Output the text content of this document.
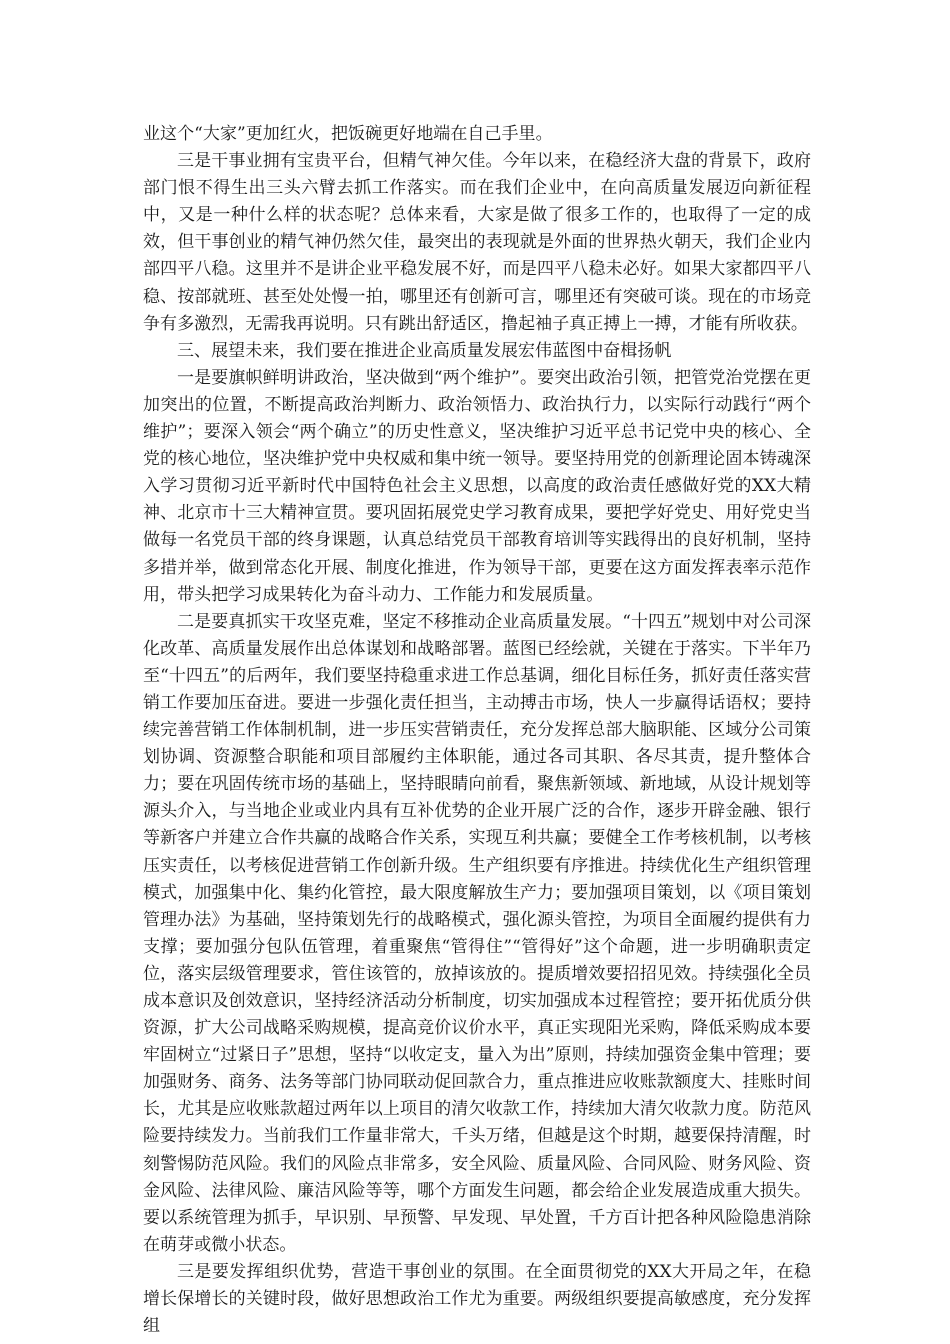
业这个“大家”更加红火，把饭碗更好地端在自己手里。

三是干事业拥有宝贵平台，但精气神欠佳。今年以来，在稳经济大盘的背景下，政府部门恨不得生出三头六臂去抓工作落实。而在我们企业中，在向高质量发展迈向新征程中，又是一种什么样的状态呢？总体来看，大家是做了很多工作的，也取得了一定的成效，但干事创业的精气神仍然欠佳，最突出的表现就是外面的世界热火朝天，我们企业内部四平八稳。这里并不是讲企业平稳发展不好，而是四平八稳未必好。如果大家都四平八稳、按部就班、甚至处处慢一拍，哪里还有创新可言，哪里还有突破可谈。现在的市场竞争有多激烈，无需我再说明。只有跳出舒适区，撸起袖子真正搏上一搏，才能有所收获。

三、展望未来，我们要在推进企业高质量发展宏伟蓝图中奋楫扬帆

一是要旗帜鲜明讲政治，坚决做到“两个维护”。要突出政治引领，把管党治党摆在更加突出的位置，不断提高政治判断力、政治领悟力、政治执行力，以实际行动践行“两个维护”；要深入领会“两个确立”的历史性意义，坚决维护习近平总书记党中央的核心、全党的核心地位，坚决维护党中央权威和集中统一领导。要坚持用党的创新理论固本铸魂深入学习贯彻习近平新时代中国特色社会主义思想，以高度的政治责任感做好党的XX大精神、北京市十三大精神宣贯。要巩固拓展党史学习教育成果，要把学好党史、用好党史当做每一名党员干部的终身课题，认真总结党员干部教育培训等实践得出的良好机制，坚持多措并举，做到常态化开展、制度化推进，作为领导干部，更要在这方面发挥表率示范作用，带头把学习成果转化为奋斗动力、工作能力和发展质量。

二是要真抓实干攻坚克难，坚定不移推动企业高质量发展。“十四五”规划中对公司深化改革、高质量发展作出总体谋划和战略部署。蓝图已经绘就，关键在于落实。下半年乃至“十四五”的后两年，我们要坚持稳重求进工作总基调，细化目标任务，抓好责任落实营销工作要加压奋进。要进一步强化责任担当，主动搏击市场，快人一步赢得话语权；要持续完善营销工作体制机制，进一步压实营销责任，充分发挥总部大脑职能、区域分公司策划协调、资源整合职能和项目部履约主体职能，通过各司其职、各尽其责，提升整体合力；要在巩固传统市场的基础上，坚持眼睛向前看，聚焦新领域、新地域，从设计规划等源头介入，与当地企业或业内具有互补优势的企业开展广泛的合作，逐步开辟金融、银行等新客户并建立合作共赢的战略合作关系，实现互利共赢；要健全工作考核机制，以考核压实责任，以考核促进营销工作创新升级。生产组织要有序推进。持续优化生产组织管理模式，加强集中化、集约化管控，最大限度解放生产力；要加强项目策划，以《项目策划管理办法》为基础，坚持策划先行的战略模式，强化源头管控，为项目全面履约提供有力支撑；要加强分包队伍管理，着重聚焦“管得住”“管得好”这个命题，进一步明确职责定位，落实层级管理要求，管住该管的，放掉该放的。提质增效要招招见效。持续强化全员成本意识及创效意识，坚持经济活动分析制度，切实加强成本过程管控；要开拓优质分供资源，扩大公司战略采购规模，提高竞价议价水平，真正实现阳光采购，降低采购成本要牢固树立“过紧日子”思想，坚持“以收定支，量入为出”原则，持续加强资金集中管理；要加强财务、商务、法务等部门协同联动促回款合力，重点推进应收账款额度大、挂账时间长，尤其是应收账款超过两年以上项目的清欠收款工作，持续加大清欠收款力度。防范风险要持续发力。当前我们工作量非常大，千头万绪，但越是这个时期，越要保持清醒，时刻警惕防范风险。我们的风险点非常多，安全风险、质量风险、合同风险、财务风险、资金风险、法律风险、廉洁风险等等，哪个方面发生问题，都会给企业发展造成重大损失。要以系统管理为抓手，早识别、早预警、早发现、早处置，千方百计把各种风险隐患消除在萌芽或微小状态。

三是要发挥组织优势，营造干事创业的氛围。在全面贯彻党的XX大开局之年，在稳增长保增长的关键时段，做好思想政治工作尤为重要。两级组织要提高敏感度，充分发挥组
